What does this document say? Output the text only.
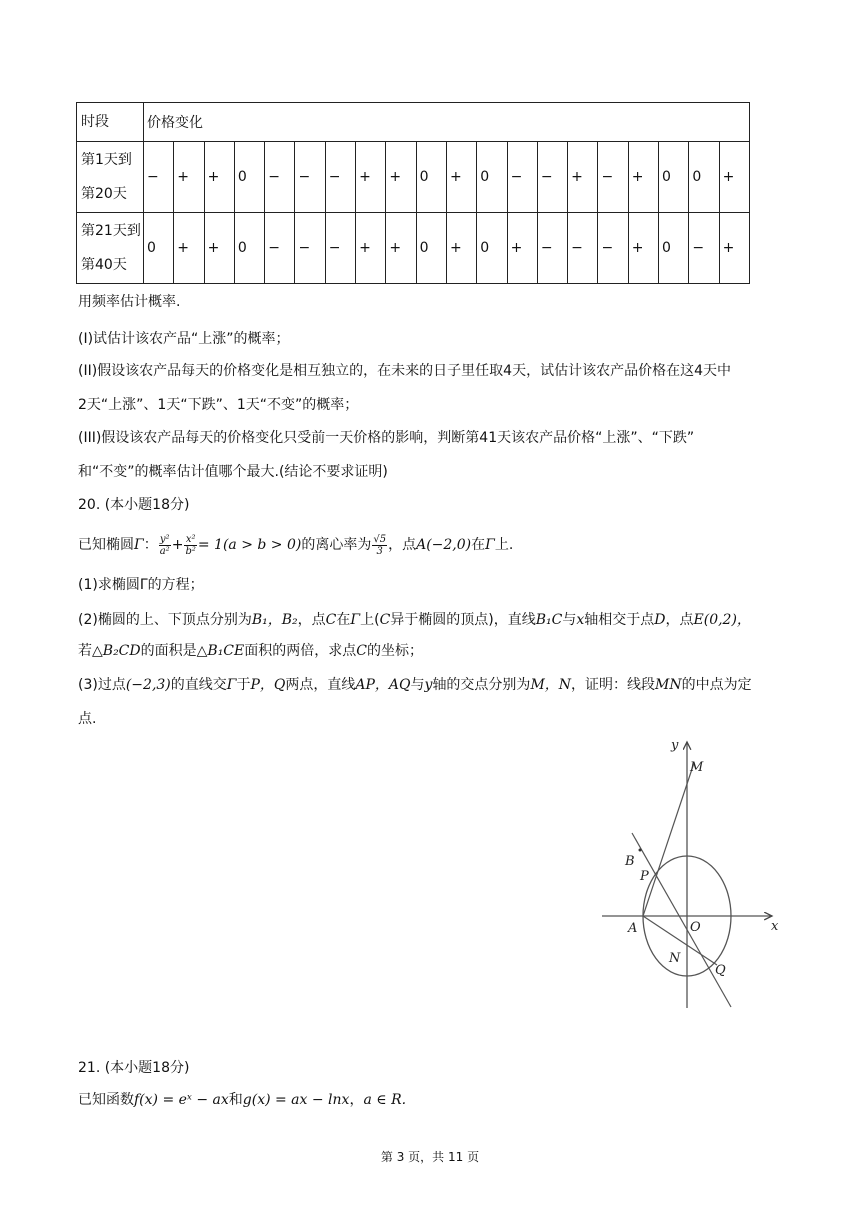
时段	价格变化																			
第1天到第20天	−	+	+	0	−	−	−	+	+	0	+	0	−	−	+	−	+	0	0	+
第21天到第40天	0	+	+	0	−	−	−	+	+	0	+	0	+	−	−	−	+	0	−	+
用频率估计概率.
(I)试估计该农产品“上涨”的概率；
(II)假设该农产品每天的价格变化是相互独立的，在未来的日子里任取4天，试估计该农产品价格在这4天中
2天“上涨”、1天“下跌”、1天“不变”的概率；
(III)假设该农产品每天的价格变化只受前一天价格的影响，判断第41天该农产品价格“上涨”、“下跌”
和“不变”的概率估计值哪个最大.(结论不要求证明)
20. (本小题18分)
已知椭圆Γ： $\frac{\text{y²}}{\text{a²}} + \frac{\text{x²}}{\text{b²}} = 1(a > b > 0)$的离心率为 $\frac{√5}{3}$ ，点A(−2,0)在Γ上.
(1)求椭圆Γ的方程；
(2)椭圆的上、下顶点分别为B₁，B₂，点C在Γ上(C异于椭圆的顶点)，直线B₁C与x轴相交于点D，点E(0,2)，
若△B₂CD的面积是△B₁CE面积的两倍，求点C的坐标；
(3)过点(−2,3)的直线交Γ于P，Q两点，直线AP，AQ与y轴的交点分别为M，N，证明：线段MN的中点为定
点.
y
M
B
P
A	O	x
N
Q
21. (本小题18分)
已知函数f(x) = eˣ − ax和g(x) = ax − lnx，a ∈ R.
第 3 页，共 11 页
